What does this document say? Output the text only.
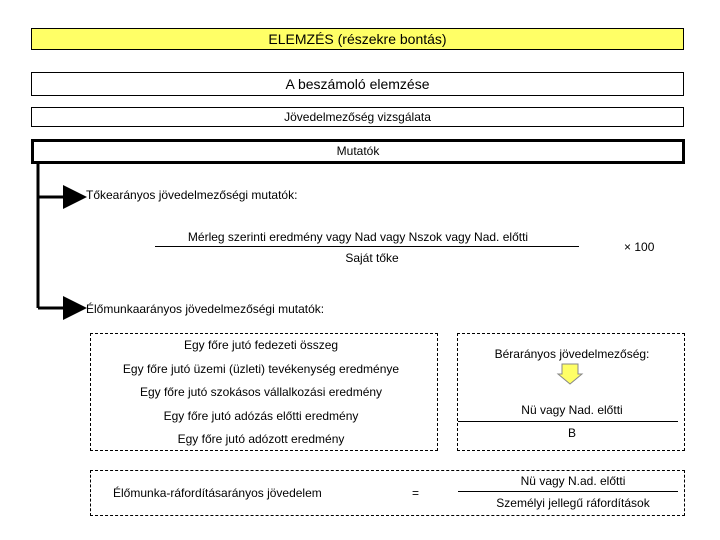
ELEMZÉS (részekre bontás)
A beszámoló elemzése
Jövedelmezőség vizsgálata
Mutatók
Tőkearányos jövedelmezőségi mutatók:
Mérleg szerinti eredmény vagy Nad vagy Nszok vagy Nad. előtti
Saját tőke
× 100
Élőmunkaarányos jövedelmezőségi mutatók:
Egy főre jutó fedezeti összeg
Egy főre jutó üzemi (üzleti) tevékenység eredménye
Egy főre jutó szokásos vállalkozási eredmény
Egy főre jutó adózás előtti eredmény
Egy főre jutó adózott eredmény
Bérarányos jövedelmezőség:
Nü vagy Nad. előtti
B
Élőmunka-ráfordításarányos jövedelem	=
Nü vagy N.ad. előtti
Személyi jellegű ráfordítások
